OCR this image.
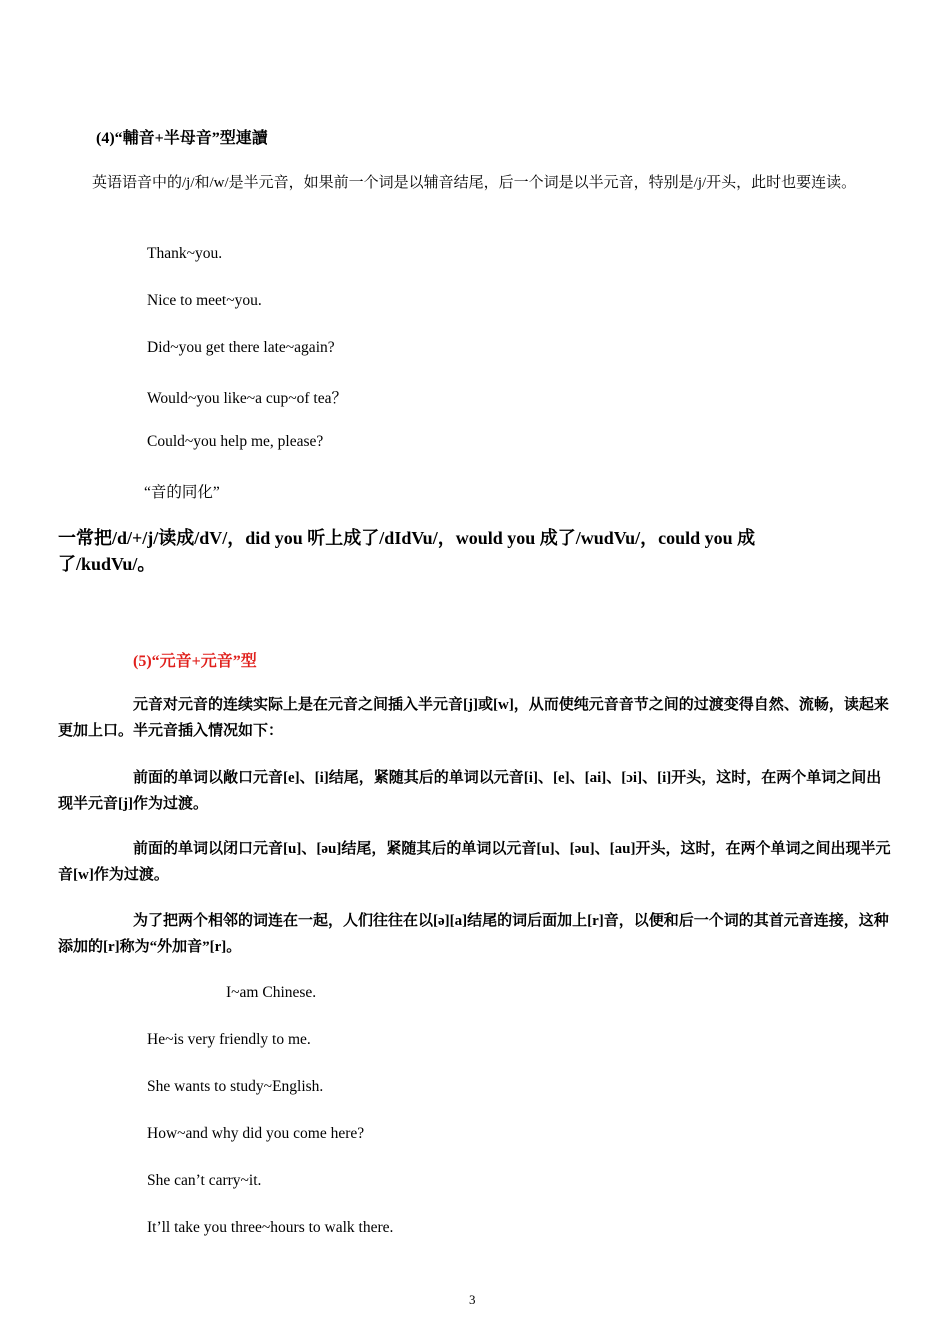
(4)“輔音+半母音”型連讀
英语语音中的/j/和/w/是半元音，如果前一个词是以辅音结尾，后一个词是以半元音，特别是/j/开头，此时也要连读。
Thank~you.
Nice to meet~you.
Did~you get there late~again?
Would~you like~a cup~of tea？
Could~you help me, please?
“音的同化”
一常把/d/+/j/读成/dV/，did you 听上成了/dIdVu/，would you 成了/wudVu/，could you 成了/kudVu/。
(5)“元音+元音”型
元音对元音的连续实际上是在元音之间插入半元音[j]或[w]，从而使纯元音音节之间的过渡变得自然、流畅，读起来更加上口。半元音插入情况如下：
前面的单词以敞口元音[e]、[i]结尾，紧随其后的单词以元音[i]、[e]、[ai]、[ɔi]、[i]开头，这时，在两个单词之间出现半元音[j]作为过渡。
前面的单词以闭口元音[u]、[əu]结尾，紧随其后的单词以元音[u]、[əu]、[au]开头，这时，在两个单词之间出现半元音[w]作为过渡。
为了把两个相邻的词连在一起，人们往往在以[ə][a]结尾的词后面加上[r]音，以便和后一个词的其首元音连接，这种添加的[r]称为“外加音”[r]。
I~am Chinese.
He~is very friendly to me.
She wants to study~English.
How~and why did you come here?
She can’t carry~it.
It’ll take you three~hours to walk there.
3
